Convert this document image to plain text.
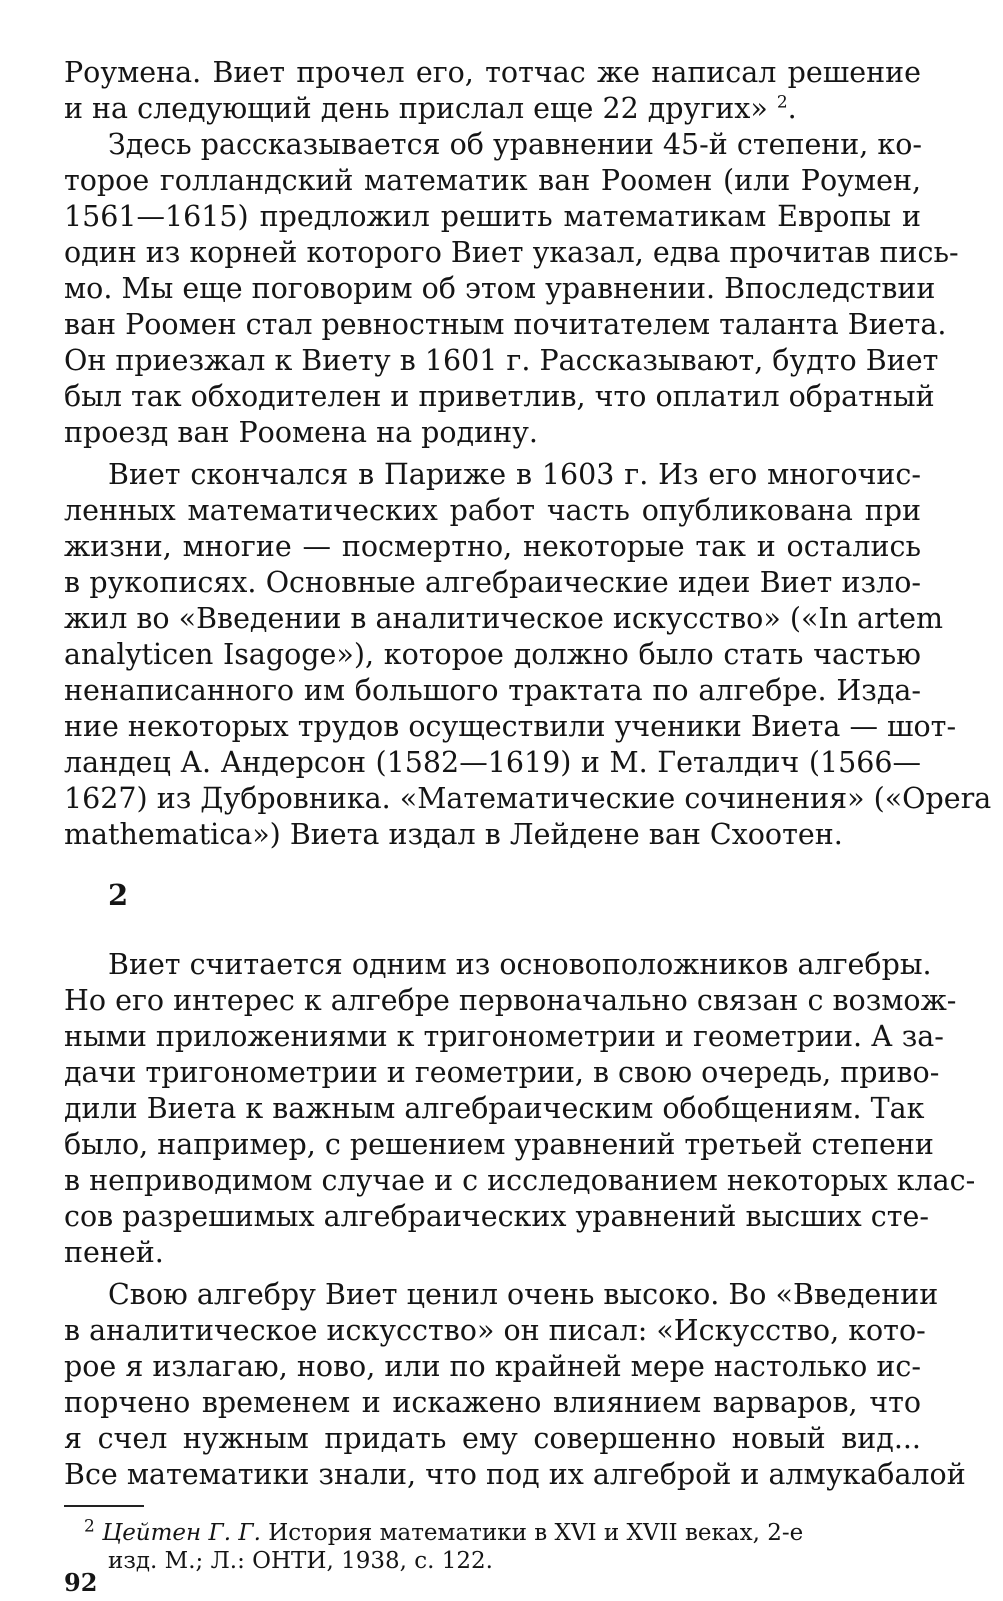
Роумена. Виет прочел его, тотчас же написал решение
и на следующий день прислал еще 22 других» $^2$.
Здесь рассказывается об уравнении 45-й степени, ко-
торое голландский математик ван Роомен (или Роумен,
1561—1615) предложил решить математикам Европы и
один из корней которого Виет указал, едва прочитав пись-
мо. Мы еще поговорим об этом уравнении. Впоследствии
ван Роомен стал ревностным почитателем таланта Виета.
Он приезжал к Виету в 1601 г. Рассказывают, будто Виет
был так обходителен и приветлив, что оплатил обратный
проезд ван Роомена на родину.
Виет скончался в Париже в 1603 г. Из его многочис-
ленных математических работ часть опубликована при
жизни, многие — посмертно, некоторые так и остались
в рукописях. Основные алгебраические идеи Виет изло-
жил во «Введении в аналитическое искусство» («In artem
analyticen Isagoge»), которое должно было стать частью
ненаписанного им большого трактата по алгебре. Изда-
ние некоторых трудов осуществили ученики Виета — шот-
ландец А. Андерсон (1582—1619) и М. Геталдич (1566—
1627) из Дубровника. «Математические сочинения» («Opera
mathematica») Виета издал в Лейдене ван Схоотен.
2
Виет считается одним из основоположников алгебры.
Но его интерес к алгебре первоначально связан с возмож-
ными приложениями к тригонометрии и геометрии. А за-
дачи тригонометрии и геометрии, в свою очередь, приво-
дили Виета к важным алгебраическим обобщениям. Так
было, например, с решением уравнений третьей степени
в неприводимом случае и с исследованием некоторых клас-
сов разрешимых алгебраических уравнений высших сте-
пеней.
Свою алгебру Виет ценил очень высоко. Во «Введении
в аналитическое искусство» он писал: «Искусство, кото-
рое я излагаю, ново, или по крайней мере настолько ис-
порчено временем и искажено влиянием варваров, что
я счел нужным придать ему совершенно новый вид...
Все математики знали, что под их алгеброй и алмукабалой
$^2$ Цейтен Г. Г. История математики в XVI и XVII веках, 2-е
изд. М.; Л.: ОНТИ, 1938, с. 122.
92
